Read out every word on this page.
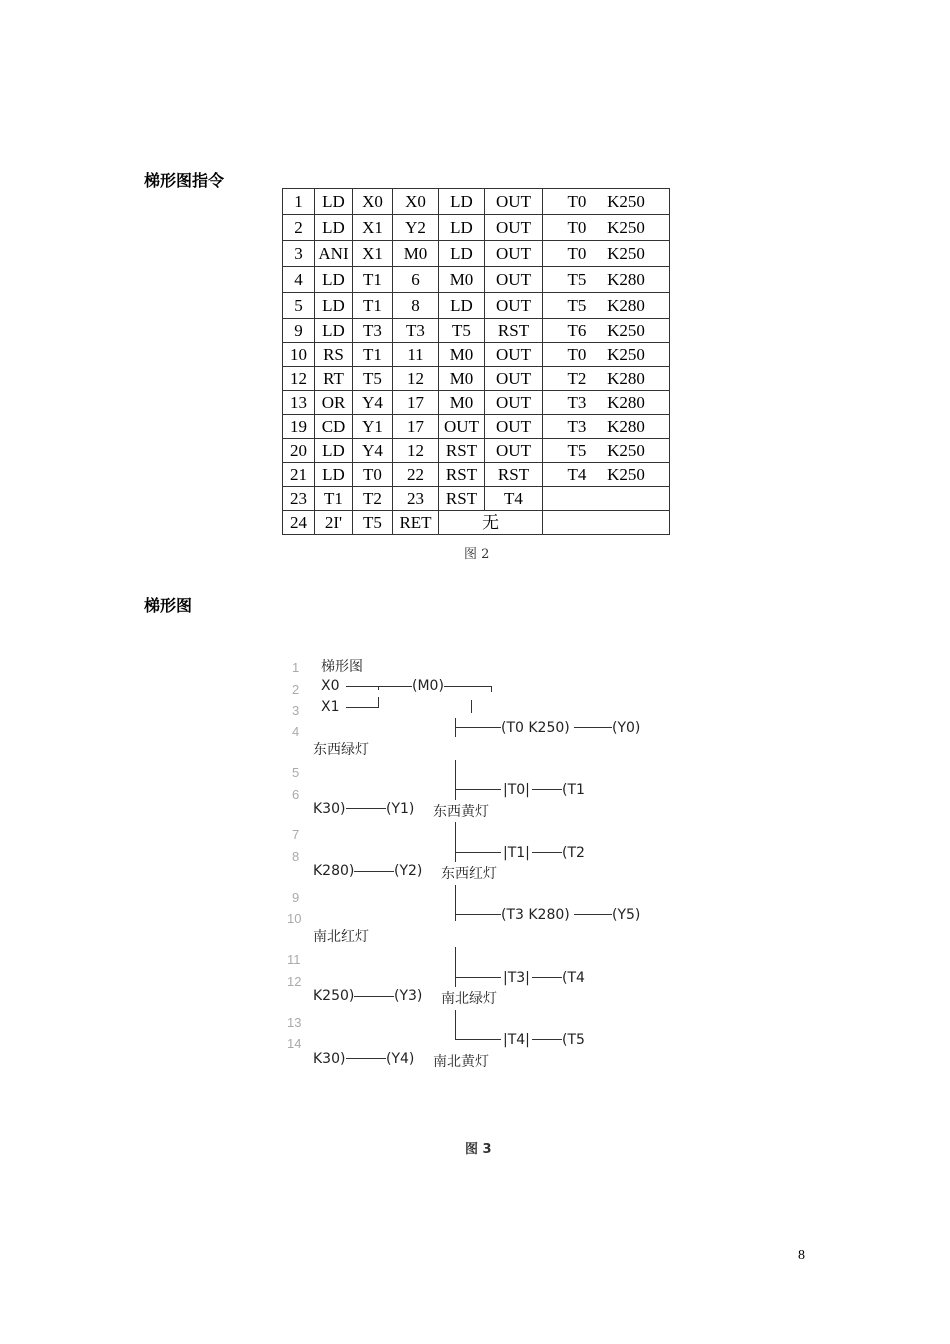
梯形图指令
1	LD	X0	X0	LD	OUT	T0 K250
2	LD	X1	Y2	LD	OUT	T0 K250
3	ANI	X1	M0	LD	OUT	T0 K250
4	LD	T1	6	M0	OUT	T5 K280
5	LD	T1	8	LD	OUT	T5 K280
9	LD	T3	T3	T5	RST	T6 K250
10	RS	T1	11	M0	OUT	T0 K250
12	RT	T5	12	M0	OUT	T2 K280
13	OR	Y4	17	M0	OUT	T3 K280
19	CD	Y1	17	OUT	OUT	T3 K280
20	LD	Y4	12	RST	OUT	T5 K250
21	LD	T0	22	RST	RST	T4 K250
23	T1	T2	23	RST	T4	
24	2I'	T5	RET	无		
图 2
梯形图
1
2
3
4
5
6
7
8
9
10
11
12
13
14
梯形图
X0	(M0)
X1
(T0 K250)	(Y0)
东西绿灯
|T0| (T1
K30)	(Y1) 东西黄灯
|T1| (T2
K280)	(Y2) 东西红灯
(T3 K280)	(Y5)
南北红灯
|T3| (T4
K250)	(Y3) 南北绿灯
|T4| (T5
K30)	(Y4) 南北黄灯
图 3
8
